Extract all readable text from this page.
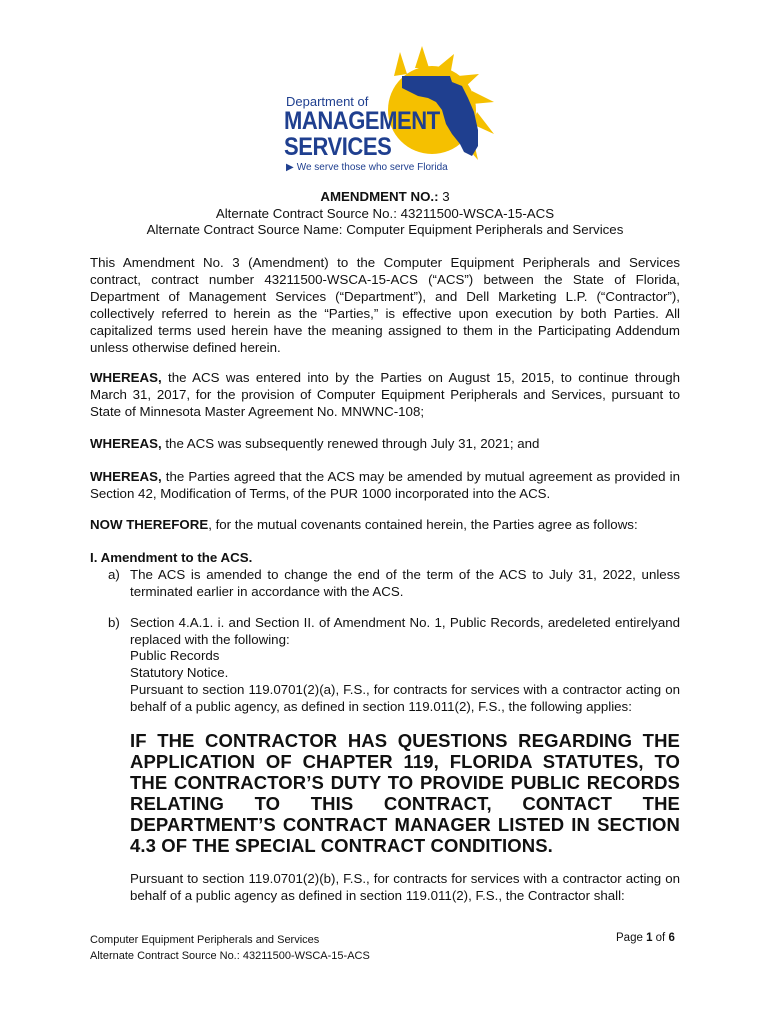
Department of
MANAGEMENT
SERVICES
▶ We serve those who serve Florida
AMENDMENT NO.: 3
Alternate Contract Source No.: 43211500-WSCA-15-ACS
Alternate Contract Source Name: Computer Equipment Peripherals and Services
This Amendment No. 3 (Amendment) to the Computer Equipment Peripherals and Services contract, contract number 43211500-WSCA-15-ACS (“ACS”) between the State of Florida, Department of Management Services (“Department”), and Dell Marketing L.P. (“Contractor”), collectively referred to herein as the “Parties,” is effective upon execution by both Parties. All capitalized terms used herein have the meaning assigned to them in the Participating Addendum unless otherwise defined herein.
WHEREAS, the ACS was entered into by the Parties on August 15, 2015, to continue through March 31, 2017, for the provision of Computer Equipment Peripherals and Services, pursuant to State of Minnesota Master Agreement No. MNWNC-108;
WHEREAS, the ACS was subsequently renewed through July 31, 2021; and
WHEREAS, the Parties agreed that the ACS may be amended by mutual agreement as provided in Section 42, Modification of Terms, of the PUR 1000 incorporated into the ACS.
NOW THEREFORE, for the mutual covenants contained herein, the Parties agree as follows:
I. Amendment to the ACS.
a) The ACS is amended to change the end of the term of the ACS to July 31, 2022, unless terminated earlier in accordance with the ACS.
b) Section 4.A.1. i. and Section II. of Amendment No. 1, Public Records, aredeleted entirelyand replaced with the following:
Public Records
Statutory Notice.
Pursuant to section 119.0701(2)(a), F.S., for contracts for services with a contractor acting on behalf of a public agency, as defined in section 119.011(2), F.S., the following applies:
IF THE CONTRACTOR HAS QUESTIONS REGARDING THE APPLICATION OF CHAPTER 119, FLORIDA STATUTES, TO THE CONTRACTOR’S DUTY TO PROVIDE PUBLIC RECORDS RELATING TO THIS CONTRACT, CONTACT THE DEPARTMENT’S CONTRACT MANAGER LISTED IN SECTION 4.3 OF THE SPECIAL CONTRACT CONDITIONS.
Pursuant to section 119.0701(2)(b), F.S., for contracts for services with a contractor acting on behalf of a public agency as defined in section 119.011(2), F.S., the Contractor shall:
Computer Equipment Peripherals and Services
Alternate Contract Source No.: 43211500-WSCA-15-ACS
Page 1 of 6
